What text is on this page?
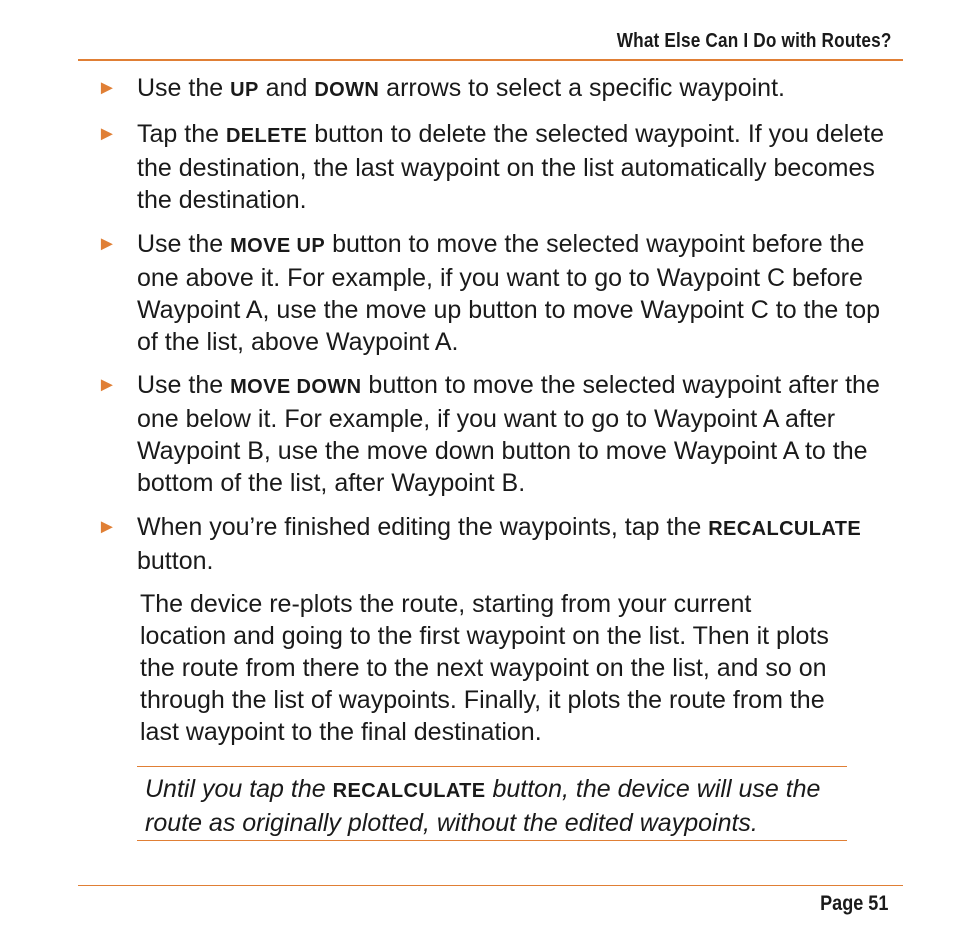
What Else Can I Do with Routes?
► Use the UP and DOWN arrows to select a specific waypoint.
► Tap the DELETE button to delete the selected waypoint. If you delete the destination, the last waypoint on the list automatically becomes the destination.
► Use the MOVE UP button to move the selected waypoint before the one above it. For example, if you want to go to Waypoint C before Waypoint A, use the move up button to move Waypoint C to the top of the list, above Waypoint A.
► Use the MOVE DOWN button to move the selected waypoint after the one below it. For example, if you want to go to Waypoint A after Waypoint B, use the move down button to move Waypoint A to the bottom of the list, after Waypoint B.
► When you’re finished editing the waypoints, tap the RECALCULATE button.
The device re-plots the route, starting from your current location and going to the first waypoint on the list. Then it plots the route from there to the next waypoint on the list, and so on through the list of waypoints. Finally, it plots the route from the last waypoint to the final destination.
Until you tap the RECALCULATE button, the device will use the route as originally plotted, without the edited waypoints.
Page 51
